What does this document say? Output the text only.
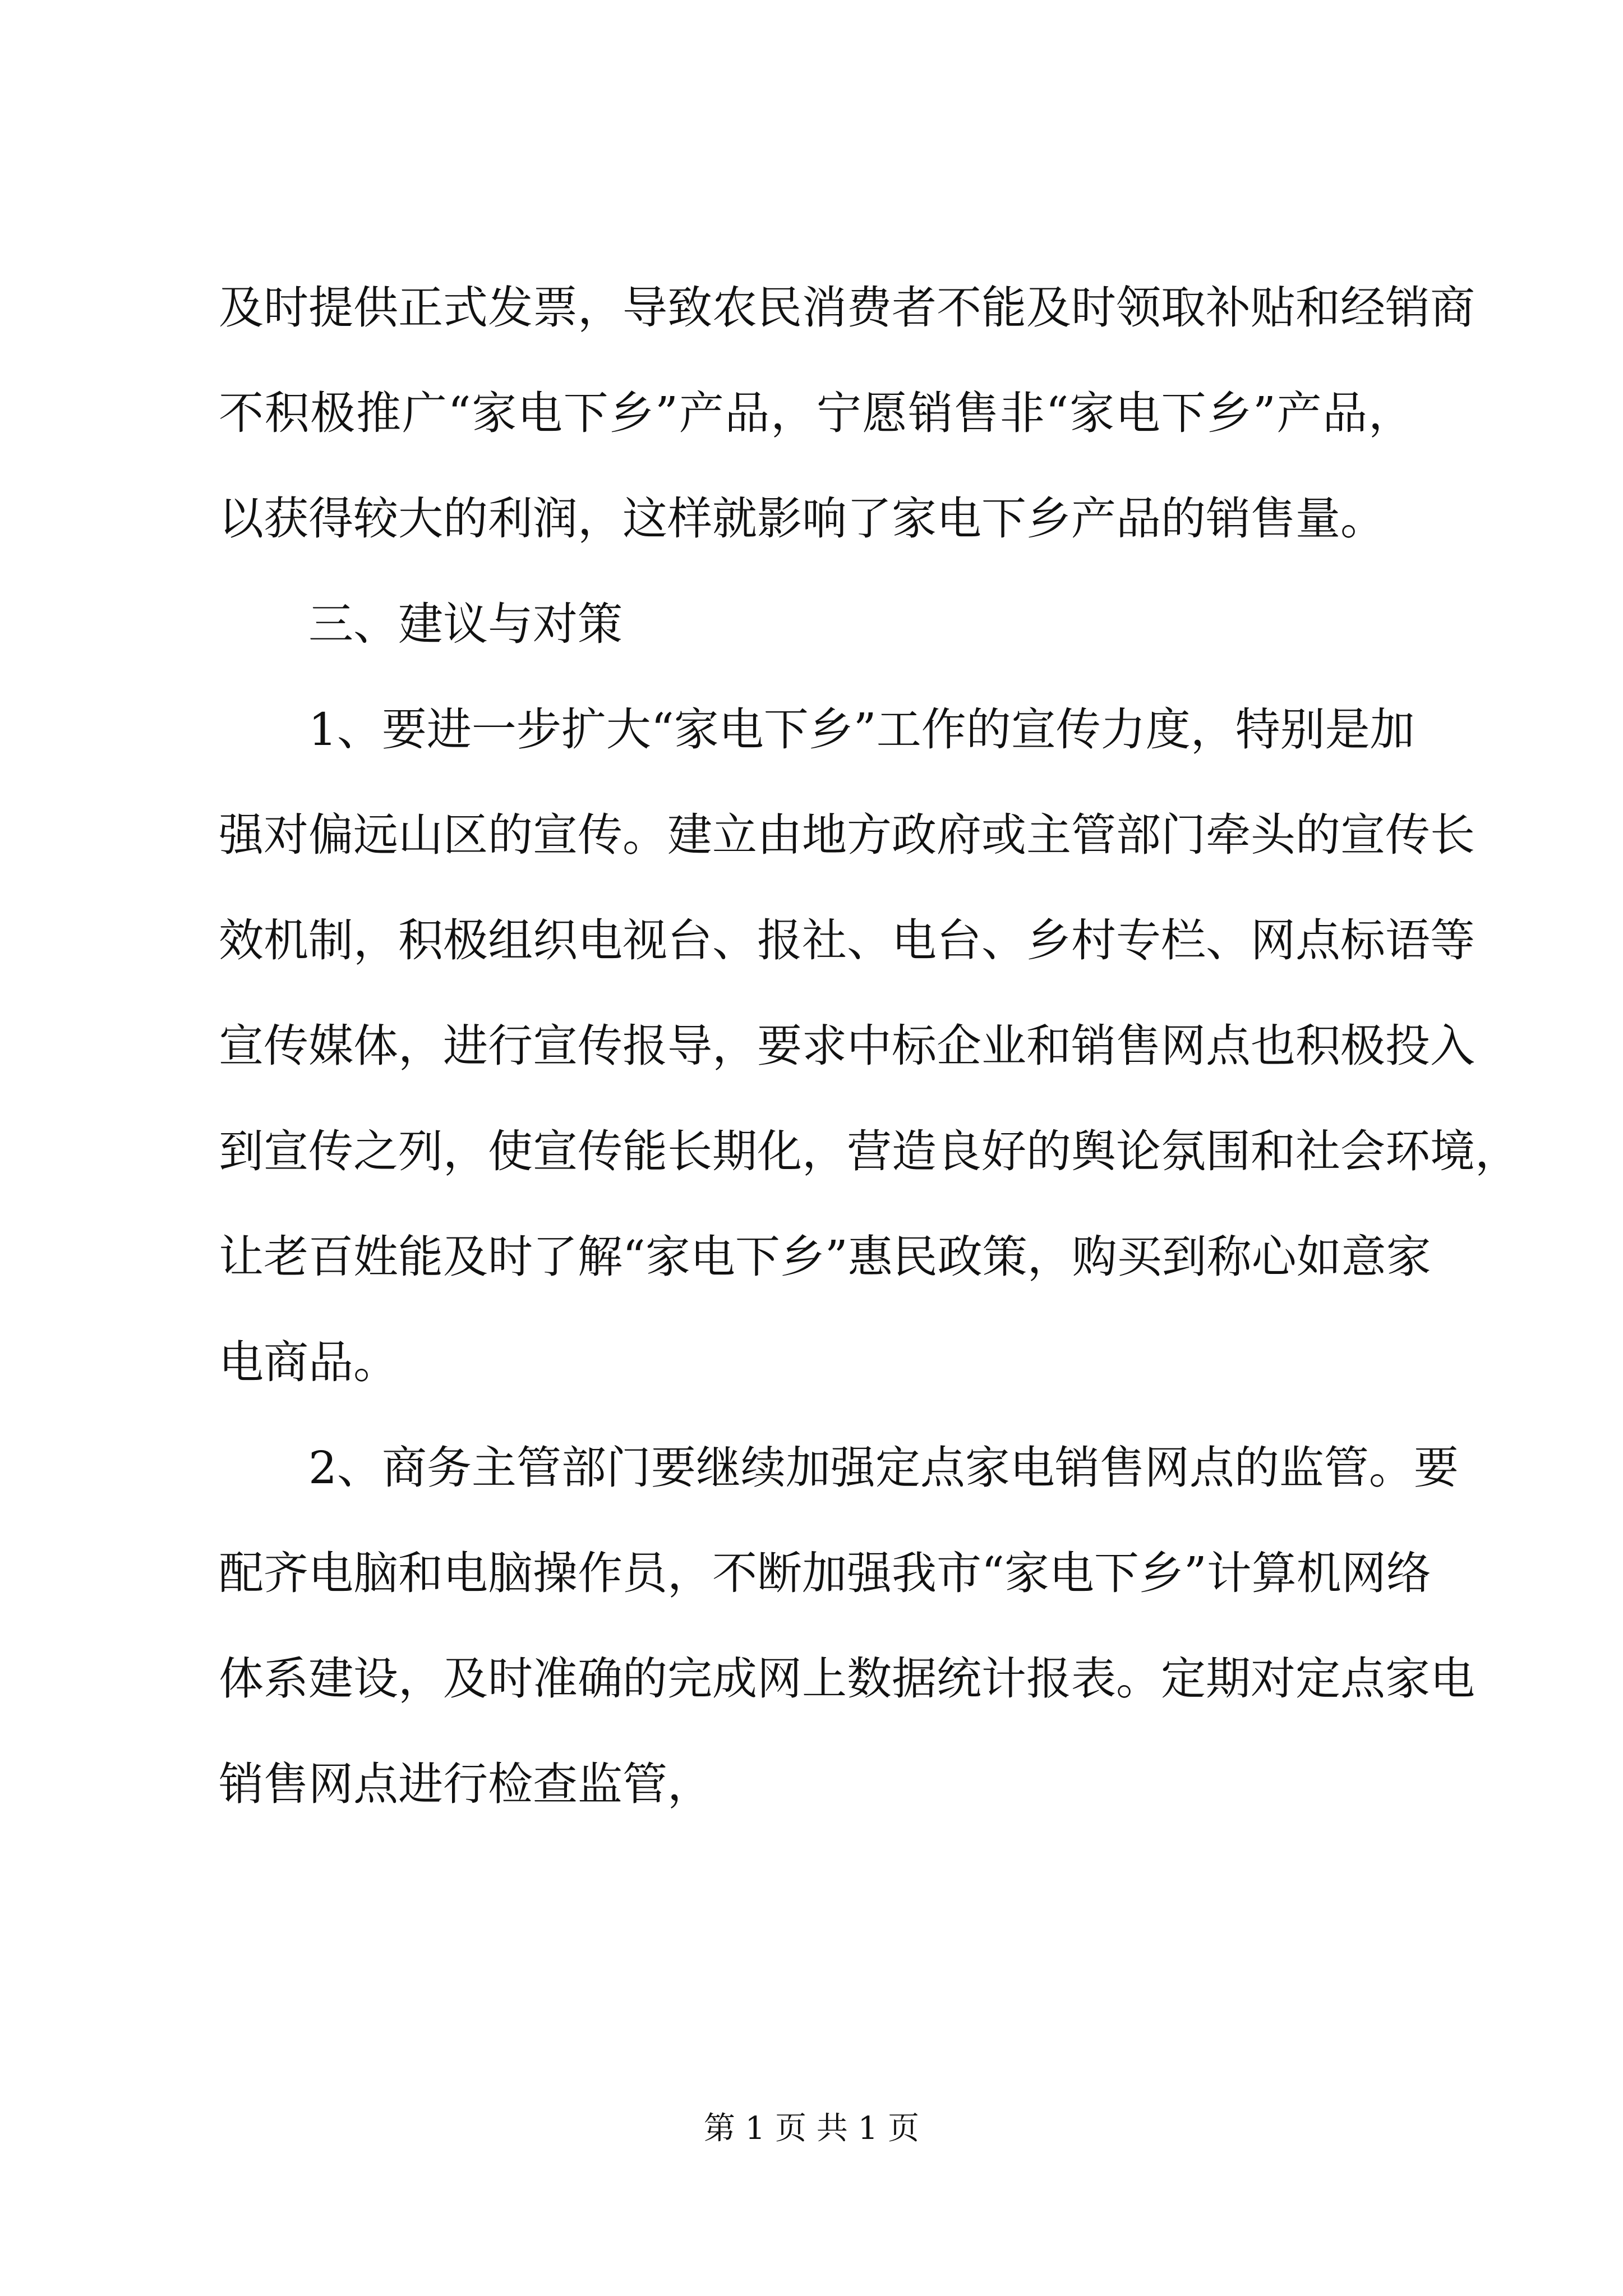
及时提供正式发票，导致农民消费者不能及时领取补贴和经销商
不积极推广“家电下乡”产品，宁愿销售非“家电下乡”产品，
以获得较大的利润，这样就影响了家电下乡产品的销售量。
三、建议与对策
1、要进一步扩大“家电下乡”工作的宣传力度，特别是加
强对偏远山区的宣传。建立由地方政府或主管部门牵头的宣传长
效机制，积极组织电视台、报社、电台、乡村专栏、网点标语等
宣传媒体，进行宣传报导，要求中标企业和销售网点也积极投入
到宣传之列，使宣传能长期化，营造良好的舆论氛围和社会环境，
让老百姓能及时了解“家电下乡”惠民政策，购买到称心如意家
电商品。
2、商务主管部门要继续加强定点家电销售网点的监管。要
配齐电脑和电脑操作员，不断加强我市“家电下乡”计算机网络
体系建设，及时准确的完成网上数据统计报表。定期对定点家电
销售网点进行检查监管，
第 1 页 共 1 页
